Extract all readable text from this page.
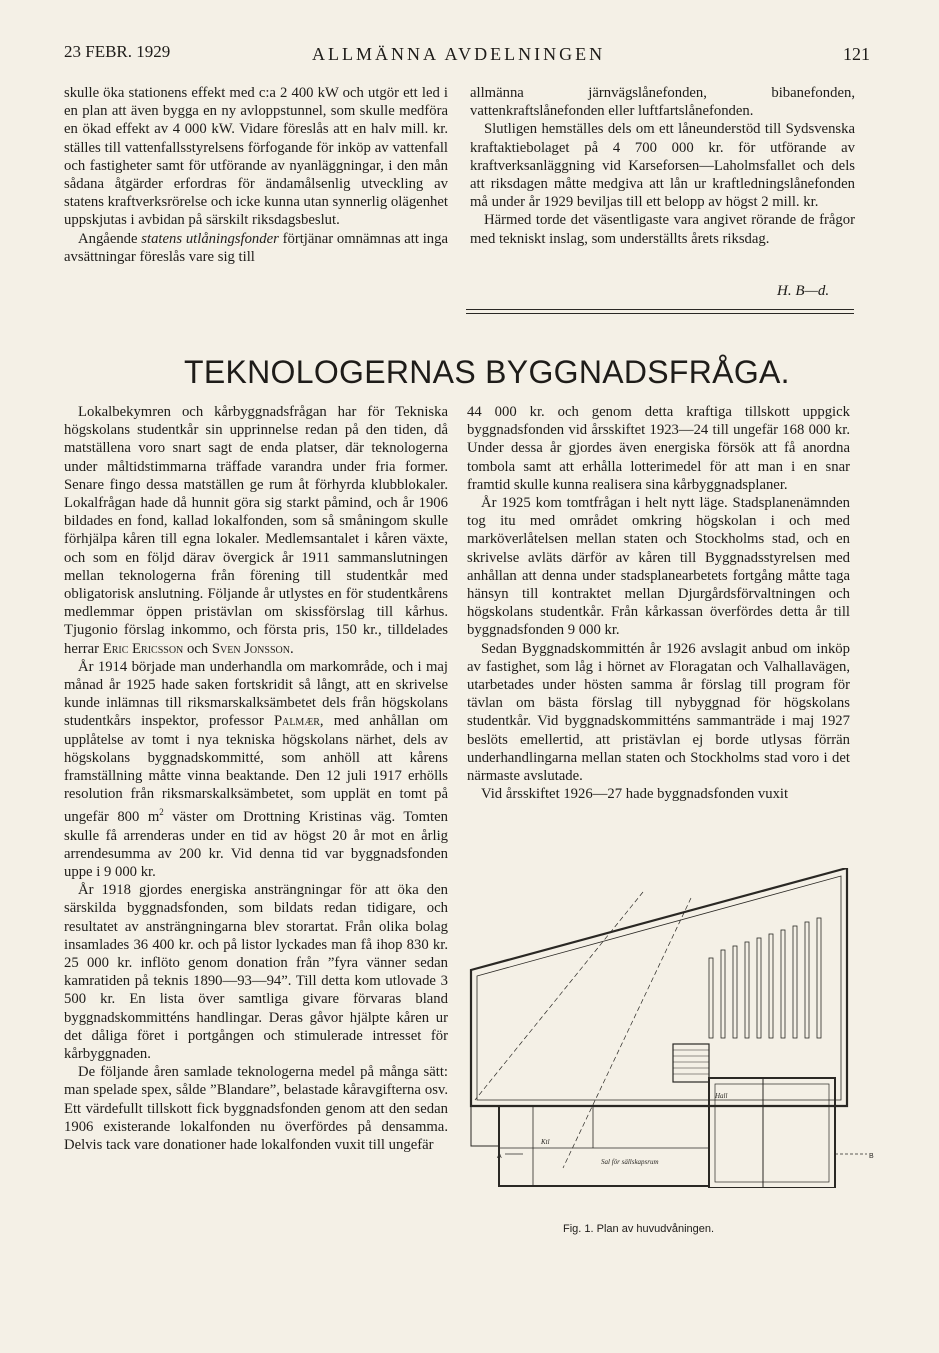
23 FEBR. 1929	ALLMÄNNA AVDELNINGEN	121

skulle öka stationens effekt med c:a 2 400 kW och utgör ett led i en plan att även bygga en ny avloppstunnel, som skulle medföra en ökad effekt av 4 000 kW. Vidare föreslås att en halv mill. kr. ställes till vattenfallsstyrelsens förfogande för inköp av vattenfall och fastigheter samt för utförande av nyanläggningar, i den mån sådana åtgärder erfordras för ändamålsenlig utveckling av statens kraftverksrörelse och icke kunna utan synnerlig olägenhet uppskjutas i avbidan på särskilt riksdagsbeslut.

Angående statens utlåningsfonder förtjänar omnämnas att inga avsättningar föreslås vare sig till

allmänna järnvägslånefonden, bibanefonden, vattenkraftslånefonden eller luftfartslånefonden.

Slutligen hemställes dels om ett låneunderstöd till Sydsvenska kraftaktiebolaget på 4 700 000 kr. för utförande av kraftverksanläggning vid Karseforsen—Laholmsfallet och dels att riksdagen måtte medgiva att lån ur kraftledningslånefonden må under år 1929 beviljas till ett belopp av högst 2 mill. kr.

Härmed torde det väsentligaste vara angivet rörande de frågor med tekniskt inslag, som underställts årets riksdag.

H. B—d.
TEKNOLOGERNAS BYGGNADSFRÅGA.

Lokalbekymren och kårbyggnadsfrågan har för Tekniska högskolans studentkår sin upprinnelse redan på den tiden, då matställena voro snart sagt de enda platser, där teknologerna under måltidstimmarna träffade varandra under fria former. Senare fingo dessa matställen ge rum åt förhyrda klubblokaler. Lokalfrågan hade då hunnit göra sig starkt påmind, och år 1906 bildades en fond, kallad lokalfonden, som så småningom skulle förhjälpa kåren till egna lokaler. Medlemsantalet i kåren växte, och som en följd därav övergick år 1911 sammanslutningen mellan teknologerna från förening till studentkår med obligatorisk anslutning. Följande år utlystes en för studentkårens medlemmar öppen pristävlan om skissförslag till kårhus. Tjugonio förslag inkommo, och första pris, 150 kr., tilldelades herrar Eric Ericsson och Sven Jonsson.

År 1914 började man underhandla om markområde, och i maj månad år 1925 hade saken fortskridit så långt, att en skrivelse kunde inlämnas till riksmarskalksämbetet dels från högskolans studentkårs inspektor, professor Palmær, med anhållan om upplåtelse av tomt i nya tekniska högskolans närhet, dels av högskolans byggnadskommitté, som anhöll att kårens framställning måtte vinna beaktande. Den 12 juli 1917 erhölls resolution från riksmarskalksämbetet, som upplät en tomt på ungefär 800 $m^2$ väster om Drottning Kristinas väg. Tomten skulle få arrenderas under en tid av högst 20 år mot en årlig arrendesumma av 200 kr. Vid denna tid var byggnadsfonden uppe i 9 000 kr.

År 1918 gjordes energiska ansträngningar för att öka den särskilda byggnadsfonden, som bildats redan tidigare, och resultatet av ansträngningarna blev storartat. Från olika bolag insamlades 36 400 kr. och på listor lyckades man få ihop 830 kr. 25 000 kr. inflöto genom donation från ”fyra vänner sedan kamratiden på teknis 1890—93—94”. Till detta kom utlovade 3 500 kr. En lista över samtliga givare förvaras bland byggnadskommitténs handlingar. Deras gåvor hjälpte kåren ur det dåliga föret i portgången och stimulerade intresset för kårbyggnaden.

De följande åren samlade teknologerna medel på många sätt: man spelade spex, sålde ”Blandare”, belastade kåravgifterna osv. Ett värdefullt tillskott fick byggnadsfonden genom att den sedan 1906 existerande lokalfonden nu överfördes på densamma. Delvis tack vare donationer hade lokalfonden vuxit till ungefär

44 000 kr. och genom detta kraftiga tillskott uppgick byggnadsfonden vid årsskiftet 1923—24 till ungefär 168 000 kr. Under dessa år gjordes även energiska försök att få anordna tombola samt att erhålla lotterimedel för att man i en snar framtid skulle kunna realisera sina kårbyggnadsplaner.

År 1925 kom tomtfrågan i helt nytt läge. Stadsplanenämnden tog itu med området omkring högskolan i och med marköverlåtelsen mellan staten och Stockholms stad, och en skrivelse avläts därför av kåren till Byggnadsstyrelsen med anhållan att denna under stadsplanearbetets fortgång måtte taga hänsyn till kontraktet mellan Djurgårdsförvaltningen och högskolans studentkår. Från kårkassan överfördes detta år till byggnadsfonden 9 000 kr.

Sedan Byggnadskommittén år 1926 avslagit anbud om inköp av fastighet, som låg i hörnet av Floragatan och Valhallavägen, utarbetades under hösten samma år förslag till program för tävlan om bästa förslag till nybyggnad för högskolans studentkår. Vid byggnadskommitténs sammanträde i maj 1927 beslöts emellertid, att pristävlan ej borde utlysas förrän underhandlingarna mellan staten och Stockholms stad voro i det närmaste avslutade.

Vid årsskiftet 1926—27 hade byggnadsfonden vuxit

Hall
Ktl
Sal för sällskapsrum
A	B
Fig. 1. Plan av huvudvåningen.
